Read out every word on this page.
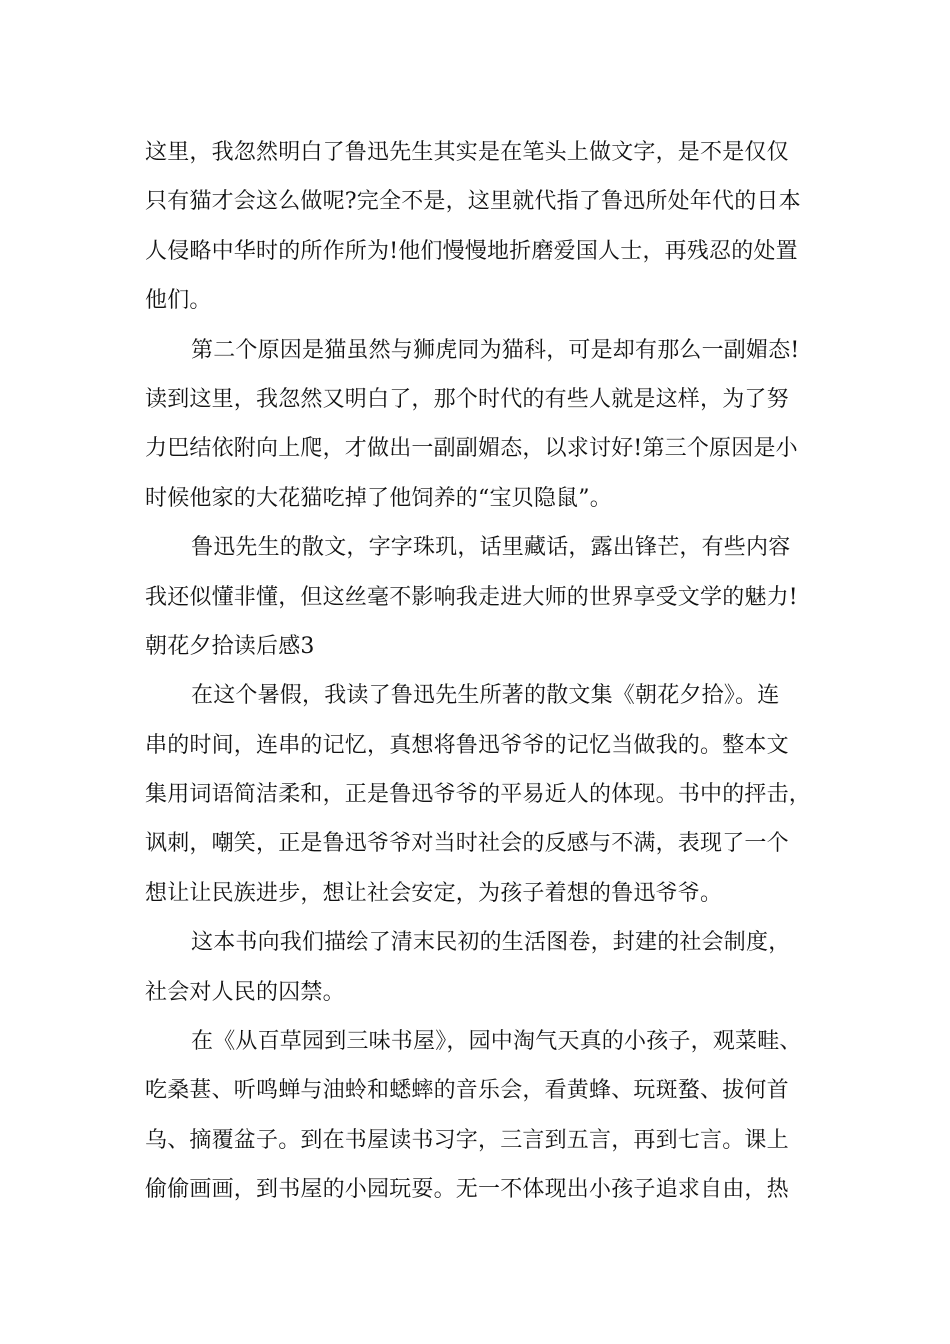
这里，我忽然明白了鲁迅先生其实是在笔头上做文字，是不是仅仅
只有猫才会这么做呢?完全不是，这里就代指了鲁迅所处年代的日本
人侵略中华时的所作所为!他们慢慢地折磨爱国人士，再残忍的处置
他们。
第二个原因是猫虽然与狮虎同为猫科，可是却有那么一副媚态!
读到这里，我忽然又明白了，那个时代的有些人就是这样，为了努
力巴结依附向上爬，才做出一副副媚态，以求讨好!第三个原因是小
时候他家的大花猫吃掉了他饲养的“宝贝隐鼠”。
鲁迅先生的散文，字字珠玑，话里藏话，露出锋芒，有些内容
我还似懂非懂，但这丝毫不影响我走进大师的世界享受文学的魅力!
朝花夕拾读后感3
在这个暑假，我读了鲁迅先生所著的散文集《朝花夕拾》。连
串的时间，连串的记忆，真想将鲁迅爷爷的记忆当做我的。整本文
集用词语简洁柔和，正是鲁迅爷爷的平易近人的体现。书中的抨击，
讽刺，嘲笑，正是鲁迅爷爷对当时社会的反感与不满，表现了一个
想让让民族进步，想让社会安定，为孩子着想的鲁迅爷爷。
这本书向我们描绘了清末民初的生活图卷，封建的社会制度，
社会对人民的囚禁。
在《从百草园到三味书屋》，园中淘气天真的小孩子，观菜畦、
吃桑葚、听鸣蝉与油蛉和蟋蟀的音乐会，看黄蜂、玩斑蝥、拔何首
乌、摘覆盆子。到在书屋读书习字，三言到五言，再到七言。课上
偷偷画画，到书屋的小园玩耍。无一不体现出小孩子追求自由，热
